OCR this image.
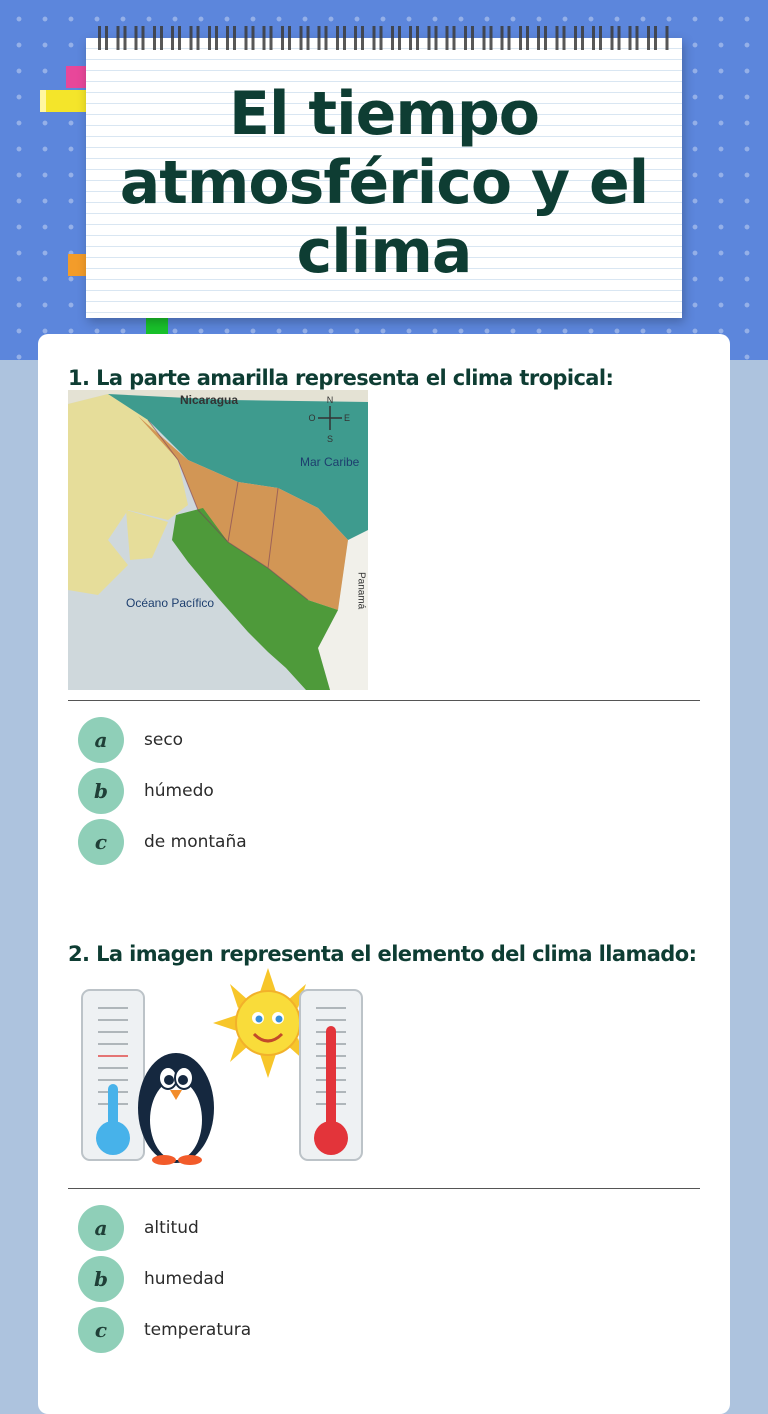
El tiempo atmosférico y el clima
1. La parte amarilla representa el clima tropical:
N
S
E
O
Nicaragua
Mar Caribe
Océano Pacífico	Panamá
a	seco
b	húmedo
c	de montaña
2. La imagen representa el elemento del clima llamado:
a	altitud
b	humedad
c	temperatura
